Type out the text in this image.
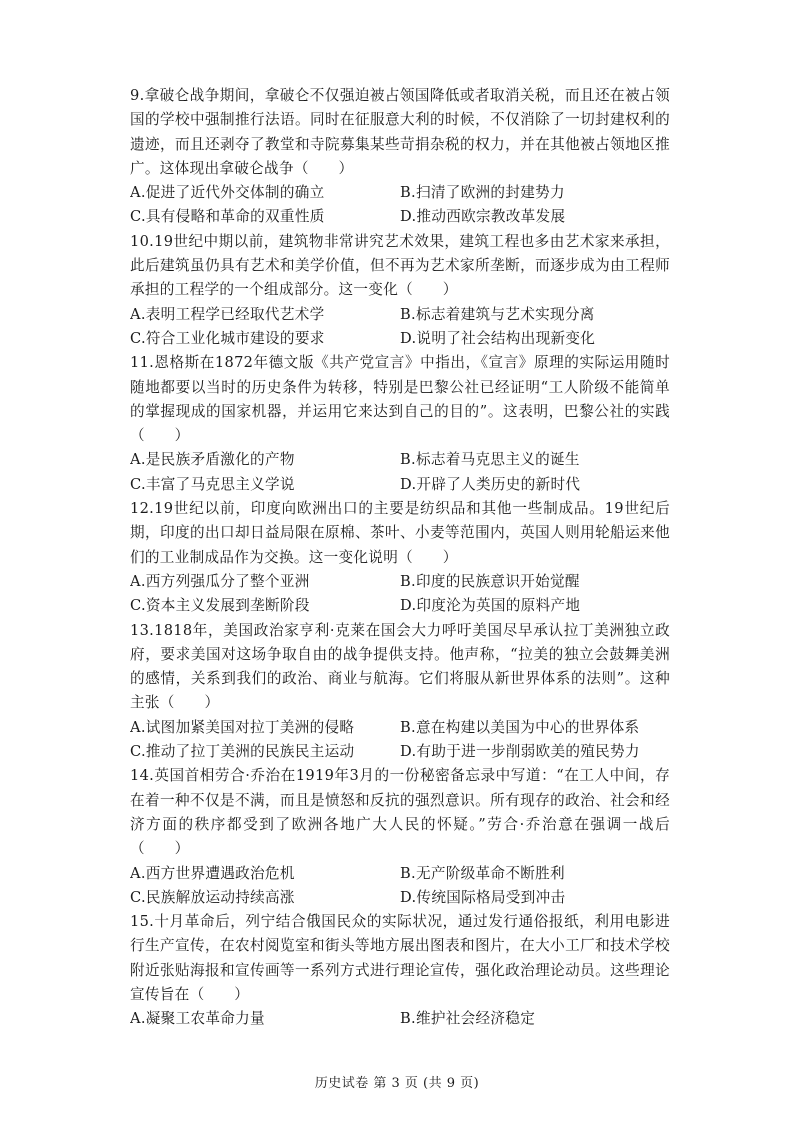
9.拿破仑战争期间，拿破仑不仅强迫被占领国降低或者取消关税，而且还在被占领国的学校中强制推行法语。同时在征服意大利的时候，不仅消除了一切封建权利的遗迹，而且还剥夺了教堂和寺院募集某些苛捐杂税的权力，并在其他被占领地区推广。这体现出拿破仑战争（　　）

A.促进了近代外交体制的确立	B.扫清了欧洲的封建势力
C.具有侵略和革命的双重性质	D.推动西欧宗教改革发展

10.19世纪中期以前，建筑物非常讲究艺术效果，建筑工程也多由艺术家来承担，此后建筑虽仍具有艺术和美学价值，但不再为艺术家所垄断，而逐步成为由工程师承担的工程学的一个组成部分。这一变化（　　）

A.表明工程学已经取代艺术学	B.标志着建筑与艺术实现分离
C.符合工业化城市建设的要求	D.说明了社会结构出现新变化

11.恩格斯在1872年德文版《共产党宣言》中指出，《宣言》原理的实际运用随时随地都要以当时的历史条件为转移，特别是巴黎公社已经证明“工人阶级不能简单的掌握现成的国家机器，并运用它来达到自己的目的”。这表明，巴黎公社的实践（　　）

A.是民族矛盾激化的产物	B.标志着马克思主义的诞生
C.丰富了马克思主义学说	D.开辟了人类历史的新时代

12.19世纪以前，印度向欧洲出口的主要是纺织品和其他一些制成品。19世纪后期，印度的出口却日益局限在原棉、茶叶、小麦等范围内，英国人则用轮船运来他们的工业制成品作为交换。这一变化说明（　　）

A.西方列强瓜分了整个亚洲	B.印度的民族意识开始觉醒
C.资本主义发展到垄断阶段	D.印度沦为英国的原料产地

13.1818年，美国政治家亨利·克莱在国会大力呼吁美国尽早承认拉丁美洲独立政府，要求美国对这场争取自由的战争提供支持。他声称，“拉美的独立会鼓舞美洲的感情，关系到我们的政治、商业与航海。它们将服从新世界体系的法则”。这种主张（　　）

A.试图加紧美国对拉丁美洲的侵略	B.意在构建以美国为中心的世界体系
C.推动了拉丁美洲的民族民主运动	D.有助于进一步削弱欧美的殖民势力

14.英国首相劳合·乔治在1919年3月的一份秘密备忘录中写道：“在工人中间，存在着一种不仅是不满，而且是愤怒和反抗的强烈意识。所有现存的政治、社会和经济方面的秩序都受到了欧洲各地广大人民的怀疑。”劳合·乔治意在强调一战后（　　）

A.西方世界遭遇政治危机	B.无产阶级革命不断胜利
C.民族解放运动持续高涨	D.传统国际格局受到冲击

15.十月革命后，列宁结合俄国民众的实际状况，通过发行通俗报纸，利用电影进行生产宣传，在农村阅览室和街头等地方展出图表和图片，在大小工厂和技术学校附近张贴海报和宣传画等一系列方式进行理论宣传，强化政治理论动员。这些理论宣传旨在（　　）

A.凝聚工农革命力量	B.维护社会经济稳定
历史试卷 第 3 页 (共 9 页)
